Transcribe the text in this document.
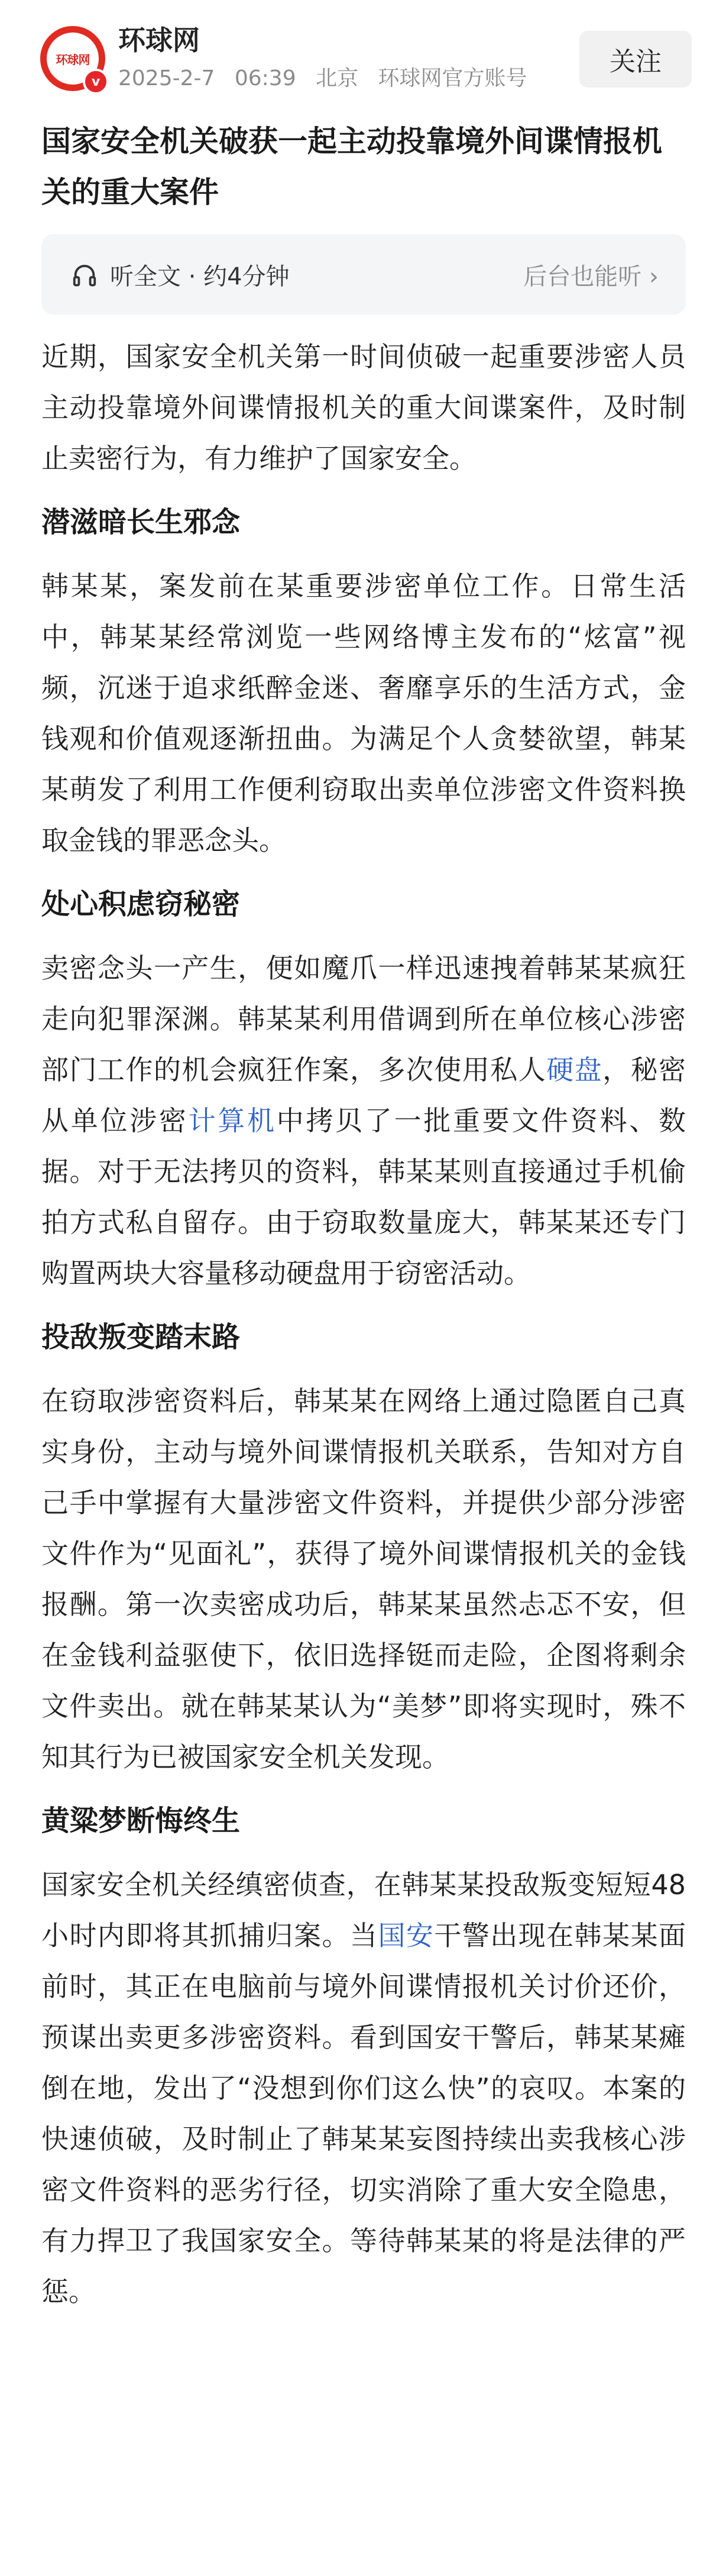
环球网
v
环球网
2025-2-7 06:39 北京 环球网官方账号
关注
国家安全机关破获一起主动投靠境外间谍情报机关的重大案件
听全文 · 约4分钟	后台也能听 ›

近期，国家安全机关第一时间侦破一起重要涉密人员主动投靠境外间谍情报机关的重大间谍案件，及时制止卖密行为，有力维护了国家安全。

潜滋暗长生邪念

韩某某，案发前在某重要涉密单位工作。日常生活中，韩某某经常浏览一些网络博主发布的“炫富”视频，沉迷于追求纸醉金迷、奢靡享乐的生活方式，金钱观和价值观逐渐扭曲。为满足个人贪婪欲望，韩某某萌发了利用工作便利窃取出卖单位涉密文件资料换取金钱的罪恶念头。

处心积虑窃秘密

卖密念头一产生，便如魔爪一样迅速拽着韩某某疯狂走向犯罪深渊。韩某某利用借调到所在单位核心涉密部门工作的机会疯狂作案，多次使用私人硬盘，秘密从单位涉密计算机中拷贝了一批重要文件资料、数据。对于无法拷贝的资料，韩某某则直接通过手机偷拍方式私自留存。由于窃取数量庞大，韩某某还专门购置两块大容量移动硬盘用于窃密活动。

投敌叛变踏末路

在窃取涉密资料后，韩某某在网络上通过隐匿自己真实身份，主动与境外间谍情报机关联系，告知对方自己手中掌握有大量涉密文件资料，并提供少部分涉密文件作为“见面礼”，获得了境外间谍情报机关的金钱报酬。第一次卖密成功后，韩某某虽然忐忑不安，但在金钱利益驱使下，依旧选择铤而走险，企图将剩余文件卖出。就在韩某某认为“美梦”即将实现时，殊不知其行为已被国家安全机关发现。

黄粱梦断悔终生

国家安全机关经缜密侦查，在韩某某投敌叛变短短48小时内即将其抓捕归案。当国安干警出现在韩某某面前时，其正在电脑前与境外间谍情报机关讨价还价，预谋出卖更多涉密资料。看到国安干警后，韩某某瘫倒在地，发出了“没想到你们这么快”的哀叹。本案的快速侦破，及时制止了韩某某妄图持续出卖我核心涉密文件资料的恶劣行径，切实消除了重大安全隐患，有力捍卫了我国家安全。等待韩某某的将是法律的严惩。
